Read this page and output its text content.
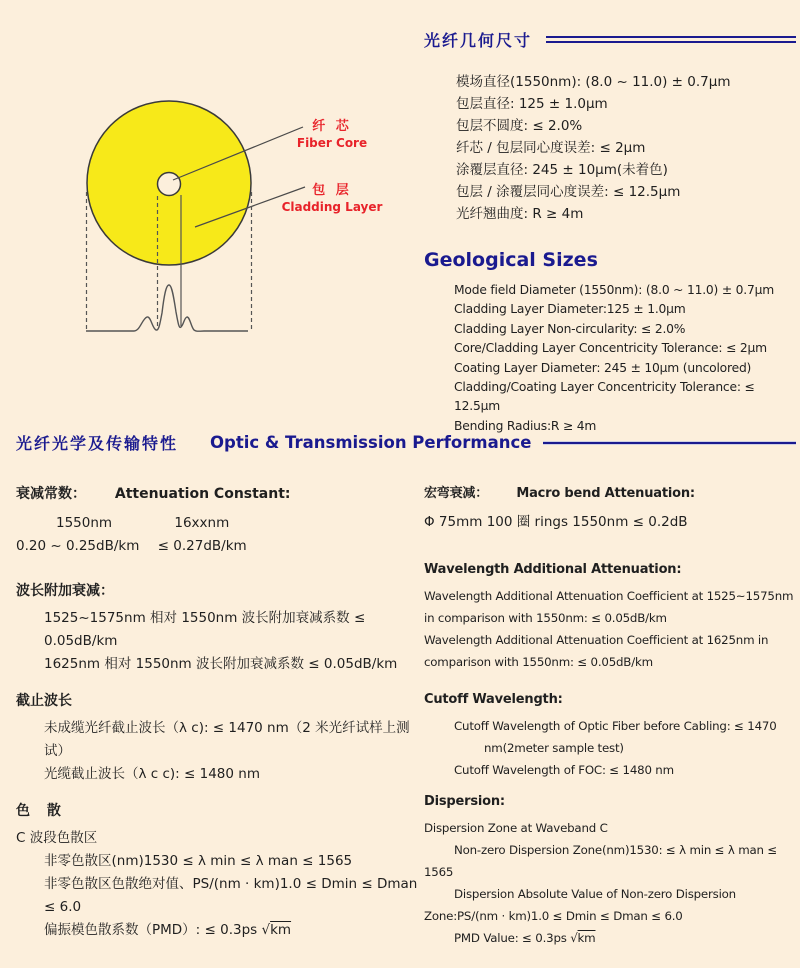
纤 芯
Fiber Core
包 层
Cladding Layer
光纤几何尺寸
模场直径(1550nm): (8.0 ~ 11.0) ± 0.7μm
包层直径: 125 ± 1.0μm
包层不圆度: ≤ 2.0%
纤芯 / 包层同心度误差: ≤ 2μm
涂覆层直径: 245 ± 10μm(未着色)
包层 / 涂覆层同心度误差: ≤ 12.5μm
光纤翘曲度: R ≥ 4m
Geological Sizes
Mode field Diameter (1550nm): (8.0 ~ 11.0) ± 0.7μm
Cladding Layer Diameter:125 ± 1.0μm
Cladding Layer Non-circularity: ≤ 2.0%
Core/Cladding Layer Concentricity Tolerance: ≤ 2μm
Coating Layer Diameter: 245 ± 10μm (uncolored)
Cladding/Coating Layer Concentricity Tolerance: ≤ 12.5μm
Bending Radius:R ≥ 4m
光纤光学及传输特性 Optic & Transmission Performance
衰减常数： Attenuation Constant:
1550nm	16xxnm
0.20 ~ 0.25dB/km ≤ 0.27dB/km
波长附加衰减：
1525~1575nm 相对 1550nm 波长附加衰减系数 ≤ 0.05dB/km
1625nm 相对 1550nm 波长附加衰减系数 ≤ 0.05dB/km
截止波长
未成缆光纤截止波长（λ c): ≤ 1470 nm（2 米光纤试样上测试）
光缆截止波长（λ c c): ≤ 1480 nm
色 散
C 波段色散区
非零色散区(nm)1530 ≤ λ min ≤ λ man ≤ 1565
非零色散区色散绝对值、PS/(nm · km)1.0 ≤ Dmin ≤ Dman ≤ 6.0
偏振模色散系数（PMD）: ≤ 0.3ps √km
宏弯衰减： Macro bend Attenuation:
Φ 75mm 100 圈 rings 1550nm ≤ 0.2dB
Wavelength Additional Attenuation:
Wavelength Additional Attenuation Coefficient at 1525~1575nm in comparison with 1550nm: ≤ 0.05dB/km
Wavelength Additional Attenuation Coefficient at 1625nm in comparison with 1550nm: ≤ 0.05dB/km
Cutoff Wavelength:
Cutoff Wavelength of Optic Fiber before Cabling: ≤ 1470 nm(2meter sample test)
Cutoff Wavelength of FOC: ≤ 1480 nm
Dispersion:
Dispersion Zone at Waveband C
Non-zero Dispersion Zone(nm)1530: ≤ λ min ≤ λ man ≤ 1565
Dispersion Absolute Value of Non-zero Dispersion Zone:PS/(nm · km)1.0 ≤ Dmin ≤ Dman ≤ 6.0
PMD Value: ≤ 0.3ps √km
